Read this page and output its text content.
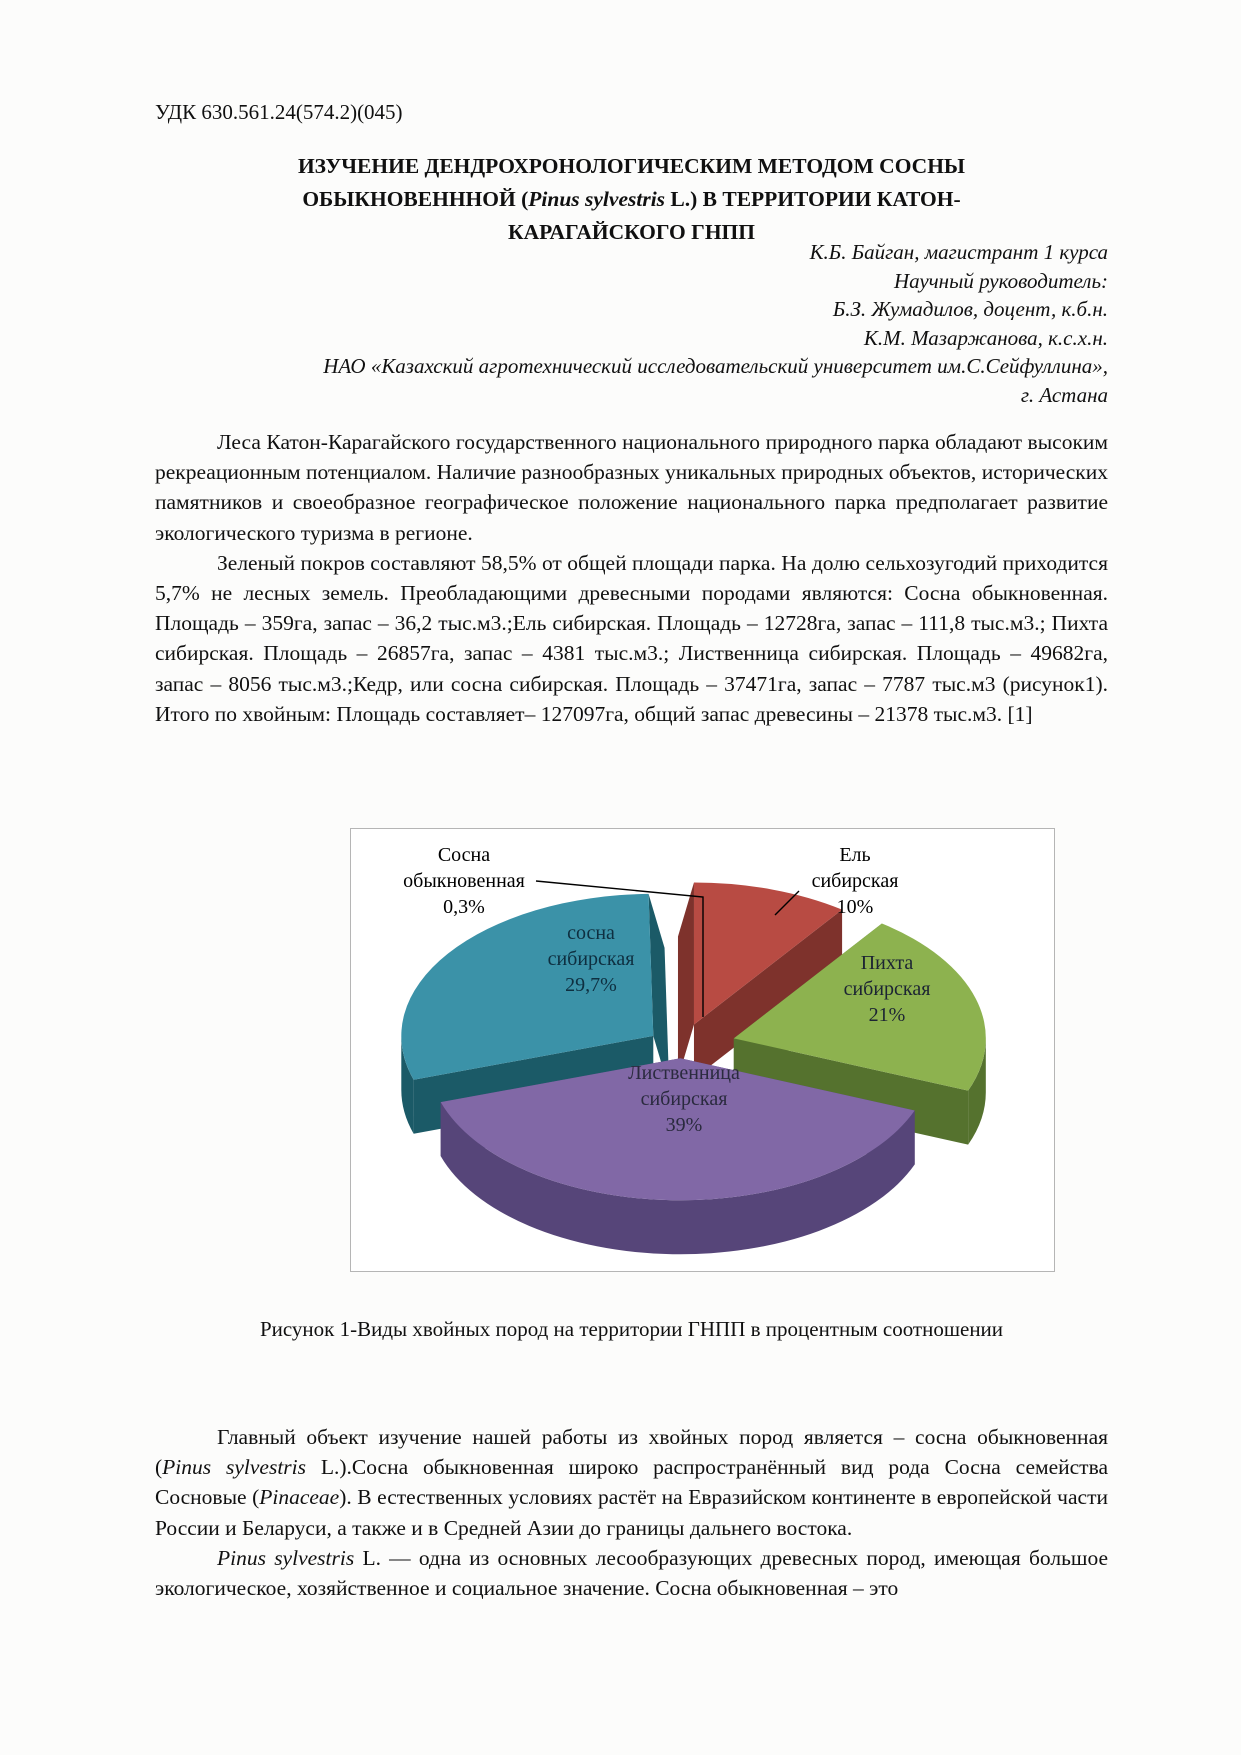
УДК 630.561.24(574.2)(045)
ИЗУЧЕНИЕ ДЕНДРОХРОНОЛОГИЧЕСКИМ МЕТОДОМ СОСНЫ
ОБЫКНОВЕНННОЙ (Pinus sylvestris L.) В ТЕРРИТОРИИ КАТОН-
КАРАГАЙСКОГО ГНПП
К.Б. Байган, магистрант 1 курса
Научный руководитель:
Б.З. Жумадилов, доцент, к.б.н.
К.М. Мазаржанова, к.с.х.н.
НАО «Казахский агротехнический исследовательский университет им.С.Сейфуллина»,
г. Астана

Леса Катон-Карагайского государственного национального природного парка обладают высоким рекреационным потенциалом. Наличие разнообразных уникальных природных объектов, исторических памятников и своеобразное географическое положение национального парка предполагает развитие экологического туризма в регионе.

Зеленый покров составляют 58,5% от общей площади парка. На долю сельхозугодий приходится 5,7% не лесных земель. Преобладающими древесными породами являются: Сосна обыкновенная. Площадь – 359га, запас – 36,2 тыс.м3.;Ель сибирская. Площадь – 12728га, запас – 111,8 тыс.м3.; Пихта сибирская. Площадь – 26857га, запас – 4381 тыс.м3.; Лиственница сибирская. Площадь – 49682га, запас – 8056 тыс.м3.;Кедр, или сосна сибирская. Площадь – 37471га, запас – 7787 тыс.м3 (рисунок1). Итого по хвойным: Площадь составляет– 127097га, общий запас древесины – 21378 тыс.м3. [1]

Ель сибирская 10%
Пихта сибирская 21%
Лиственница сибирская 39%
сосна сибирская 29,7%
Сосна обыкновенная 0,3%
Рисунок 1-Виды хвойных пород на территории ГНПП в процентным соотношении

Главный объект изучение нашей работы из хвойных пород является – сосна обыкновенная (Pinus sylvestris L.).Сосна обыкновенная широко распространённый вид рода Сосна семейства Сосновые (Pinaceae). В естественных условиях растёт на Евразийском континенте в европейской части России и Беларуси, а также и в Средней Азии до границы дальнего востока.

Pinus sylvestris L. — одна из основных лесообразующих древесных пород, имеющая большое экологическое, хозяйственное и социальное значение. Сосна обыкновенная – это
